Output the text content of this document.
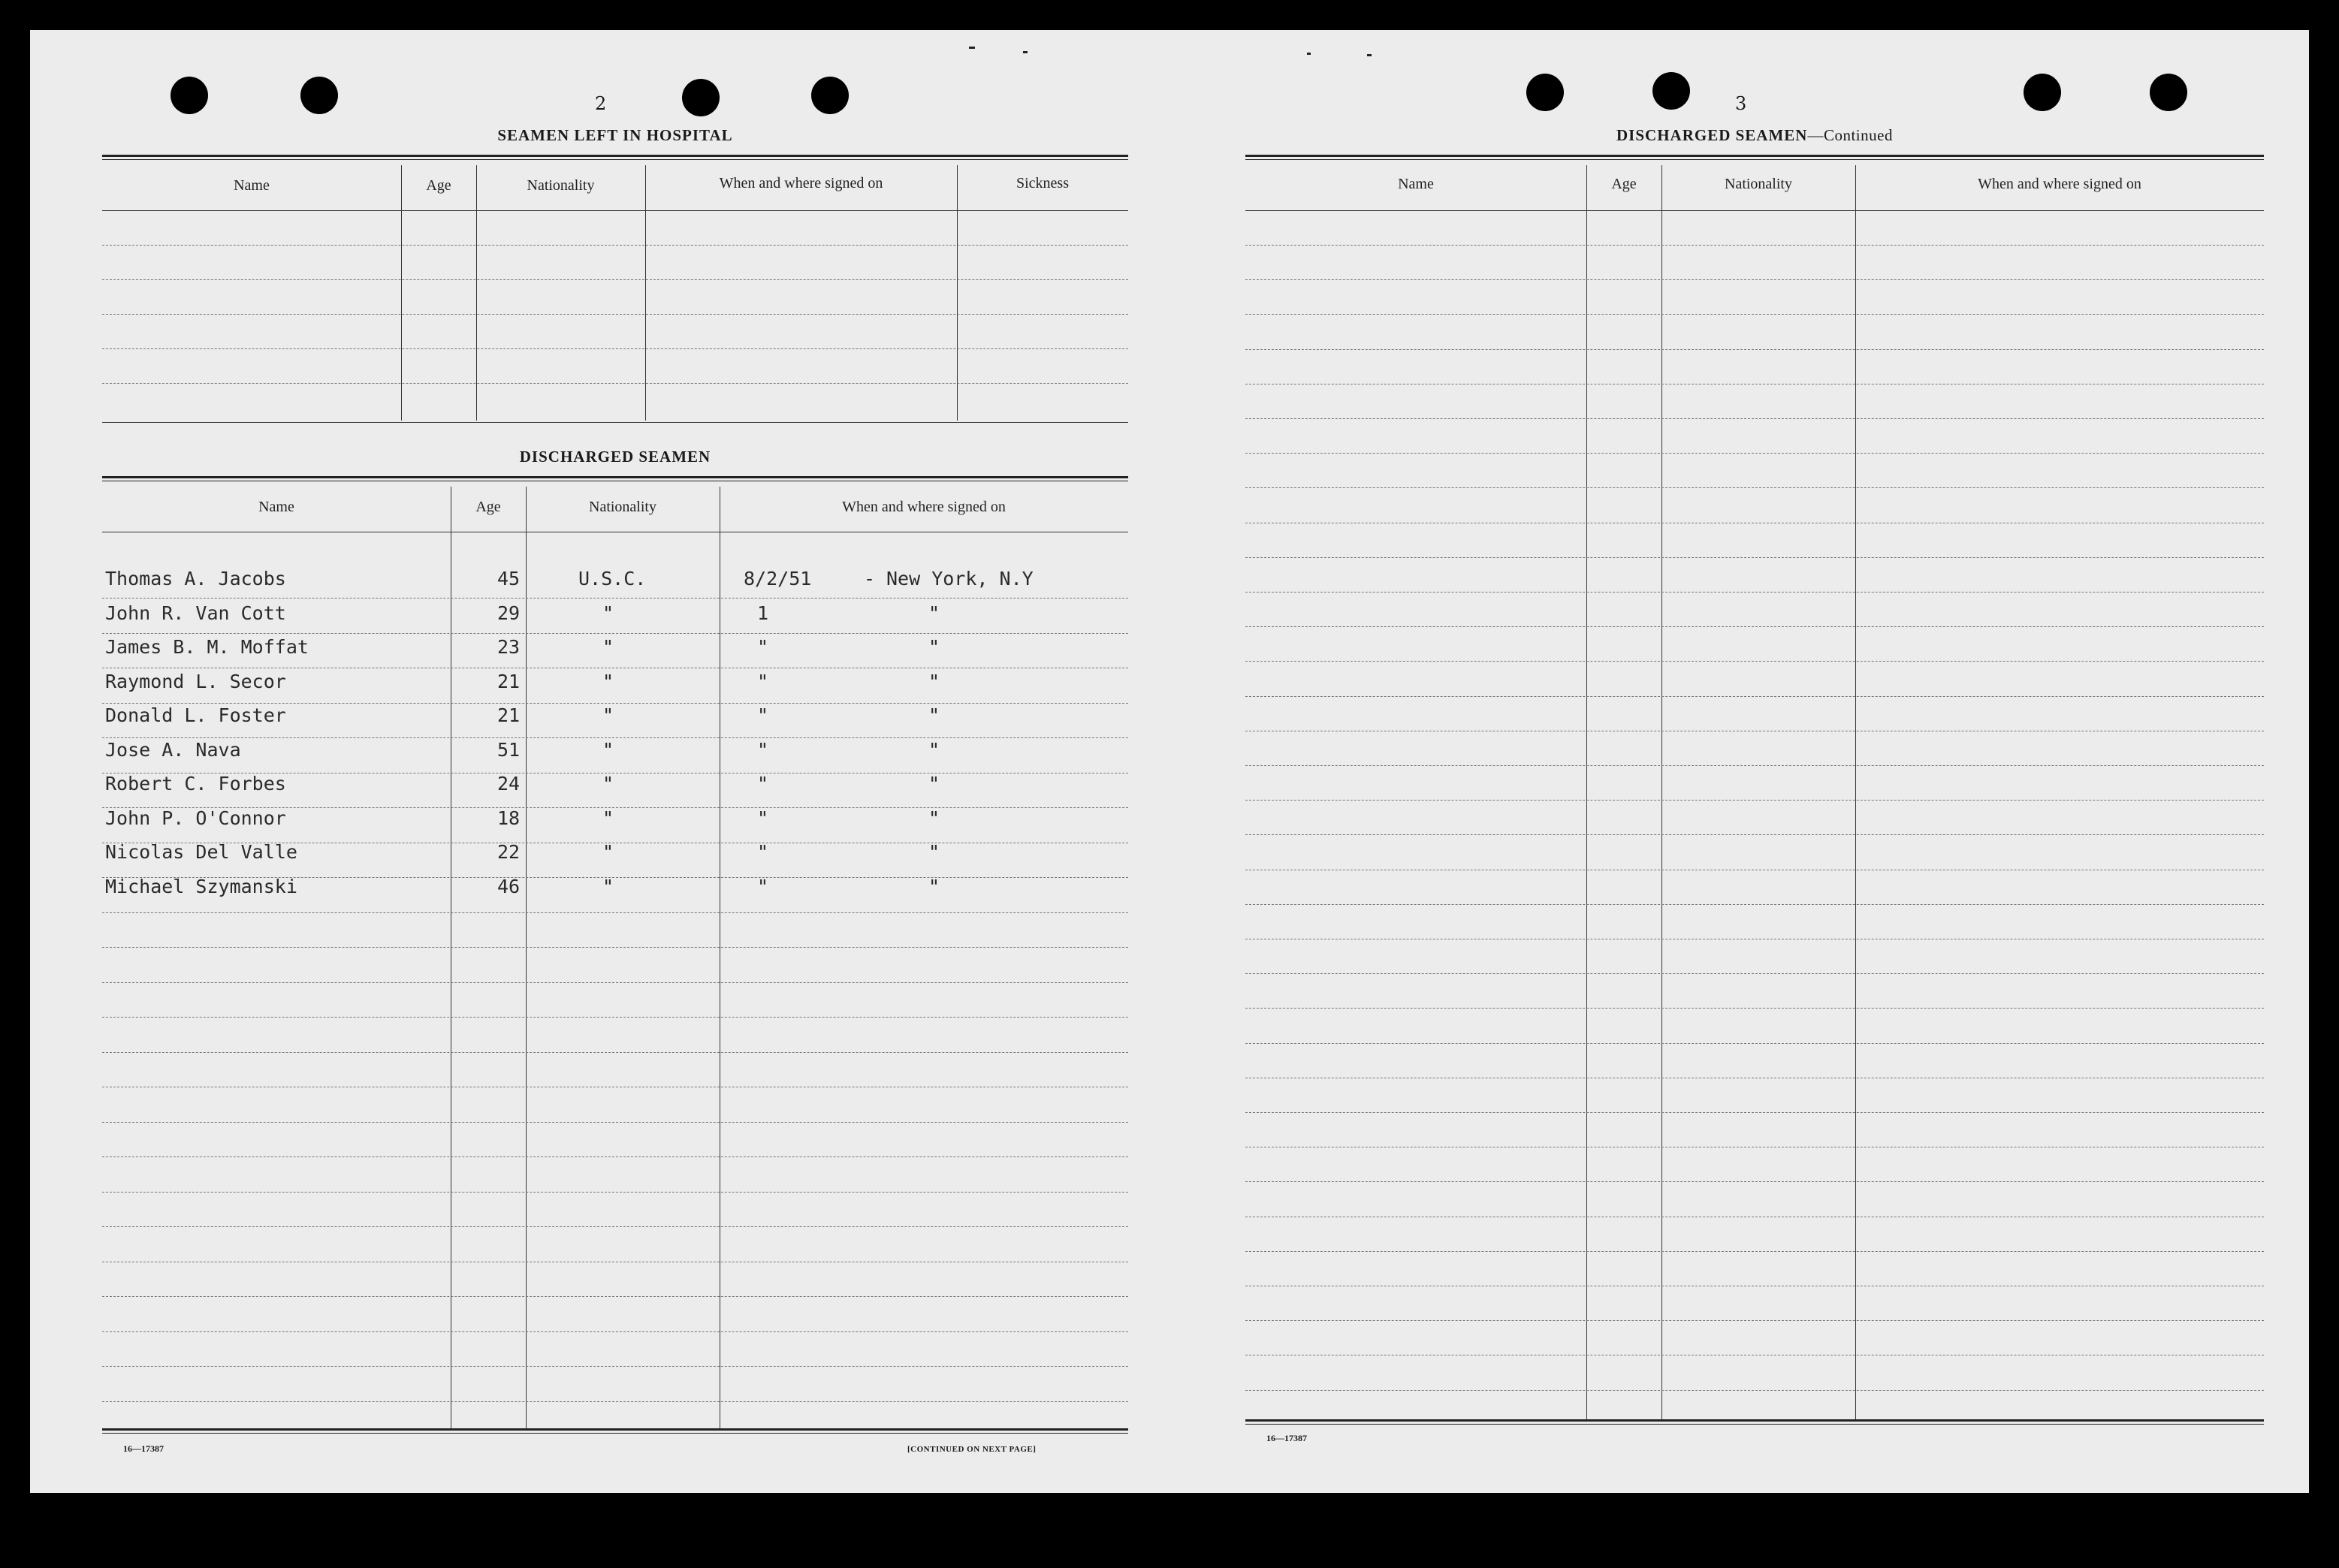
2
SEAMEN LEFT IN HOSPITAL
Name	Age	Nationality	When and where signed on	Sickness
DISCHARGED SEAMEN
Name	Age	Nationality	When and where signed on
Thomas A. Jacobs	45	U.S.C.	8/2/51	- New York, N.Y
John R. Van Cott	29	"	1	"
James B. M. Moffat	23	"	"	"
Raymond L. Secor	21	"	"	"
Donald L. Foster	21	"	"	"
Jose A. Nava	51	"	"	"
Robert C. Forbes	24	"	"	"
John P. O'Connor	18	"	"	"
Nicolas Del Valle	22	"	"	"
Michael Szymanski	46	"	"	"
16—17387	[CONTINUED ON NEXT PAGE]
3
DISCHARGED SEAMEN—Continued
Name	Age	Nationality	When and where signed on
16—17387
